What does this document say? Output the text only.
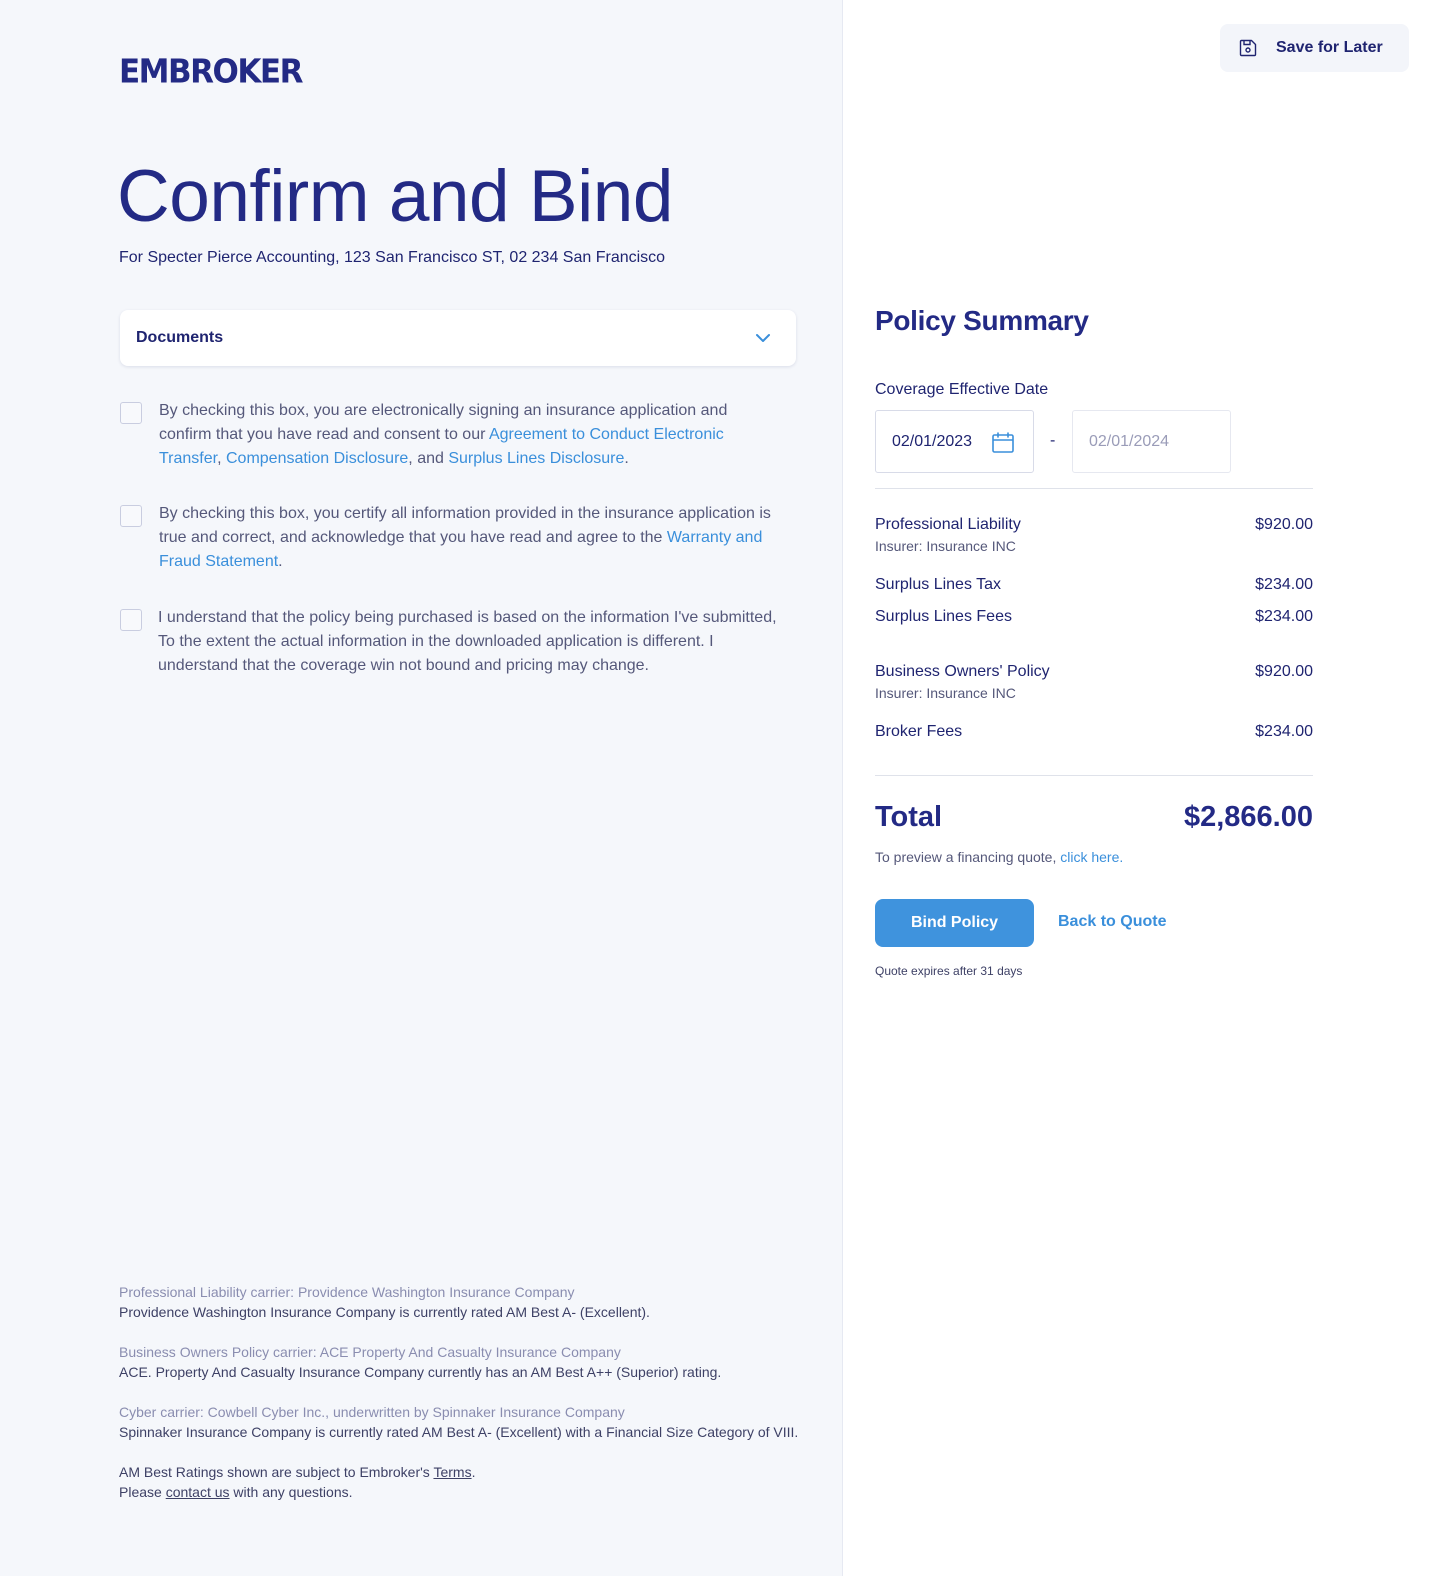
EMBROKER
Confirm and Bind
For Specter Pierce Accounting, 123 San Francisco ST, 02 234 San Francisco
Documents
By checking this box, you are electronically signing an insurance application and confirm that you have read and consent to our Agreement to Conduct Electronic Transfer, Compensation Disclosure, and Surplus Lines Disclosure.
By checking this box, you certify all information provided in the insurance application is true and correct, and acknowledge that you have read and agree to the Warranty and Fraud Statement.
I understand that the policy being purchased is based on the information I've submitted, To the extent the actual information in the downloaded application is different. I understand that the coverage win not bound and pricing may change.
Professional Liability carrier: Providence Washington Insurance Company
Providence Washington Insurance Company is currently rated AM Best A- (Excellent).
Business Owners Policy carrier: ACE Property And Casualty Insurance Company
ACE. Property And Casualty Insurance Company currently has an AM Best A++ (Superior) rating.
Cyber carrier: Cowbell Cyber Inc., underwritten by Spinnaker Insurance Company
Spinnaker Insurance Company is currently rated AM Best A- (Excellent) with a Financial Size Category of VIII.
AM Best Ratings shown are subject to Embroker's Terms.
Please contact us with any questions.
Save for Later
Policy Summary
Coverage Effective Date
02/01/2023	- 02/01/2024
Professional Liability	$920.00
Insurer: Insurance INC
Surplus Lines Tax	$234.00
Surplus Lines Fees	$234.00
Business Owners' Policy	$920.00
Insurer: Insurance INC
Broker Fees	$234.00
Total	$2,866.00
To preview a financing quote, click here.
Bind Policy	Back to Quote
Quote expires after 31 days
